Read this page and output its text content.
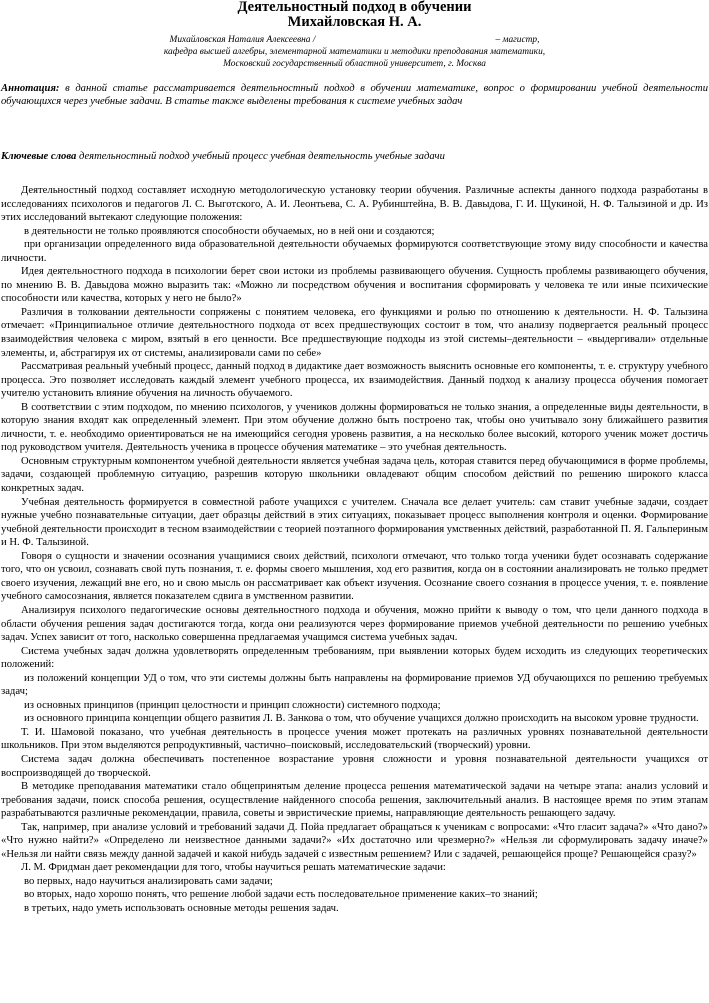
Деятельностный подход в обучении
Михайловская Н. А.
Михайловская Наталия Алексеевна /	– магистр,
кафедра высшей алгебры, элементарной математики и методики преподавания математики,
Московский государственный областной университет, г. Москва
Аннотация: в данной статье рассматривается деятельностный подход в обучении математике, вопрос о формировании учебной деятельности обучающихся через учебные задачи. В статье также выделены требования к системе учебных задач
Ключевые слова деятельностный подход учебный процесс учебная деятельность учебные задачи

Деятельностный подход составляет исходную методологическую установку теории обучения. Различные аспекты данного подхода разработаны в исследованиях психологов и педагогов Л. С. Выготского, А. И. Леонтьева, С. А. Рубинштейна, В. В. Давыдова, Г. И. Щукиной, Н. Ф. Талызиной и др. Из этих исследований вытекают следующие положения:

в деятельности не только проявляются способности обучаемых, но в ней они и создаются;

при организации определенного вида образовательной деятельности обучаемых формируются соответствующие этому виду способности и качества личности.

Идея деятельностного подхода в психологии берет свои истоки из проблемы развивающего обучения. Сущность проблемы развивающего обучения, по мнению В. В. Давыдова можно выразить так: «Можно ли посредством обучения и воспитания сформировать у человека те или иные психические способности или качества, которых у него не было?»

Различия в толковании деятельности сопряжены с понятием человека, его функциями и ролью по отношению к деятельности. Н. Ф. Талызина отмечает: «Принципиальное отличие деятельностного подхода от всех предшествующих состоит в том, что анализу подвергается реальный процесс взаимодействия человека с миром, взятый в его ценности. Все предшествующие подходы из этой системы–деятельности – «выдергивали» отдельные элементы, и, абстрагируя их от системы, анализировали сами по себе»

Рассматривая реальный учебный процесс, данный подход в дидактике дает возможность выяснить основные его компоненты, т. е. структуру учебного процесса. Это позволяет исследовать каждый элемент учебного процесса, их взаимодействия. Данный подход к анализу процесса обучения помогает учителю установить влияние обучения на личность обучаемого.

В соответствии с этим подходом, по мнению психологов, у учеников должны формироваться не только знания, а определенные виды деятельности, в которую знания входят как определенный элемент. При этом обучение должно быть построено так, чтобы оно учитывало зону ближайшего развития личности, т. е. необходимо ориентироваться не на имеющийся сегодня уровень развития, а на несколько более высокий, которого ученик может достичь под руководством учителя. Деятельность ученика в процессе обучения математике – это учебная деятельность.

Основным структурным компонентом учебной деятельности является учебная задача цель, которая ставится перед обучающимися в форме проблемы, задачи, создающей проблемную ситуацию, разрешив которую школьники овладевают общим способом действий по решению широкого класса конкретных задач.

Учебная деятельность формируется в совместной работе учащихся с учителем. Сначала все делает учитель: сам ставит учебные задачи, создает нужные учебно познавательные ситуации, дает образцы действий в этих ситуациях, показывает процесс выполнения контроля и оценки. Формирование учебной деятельности происходит в тесном взаимодействии с теорией поэтапного формирования умственных действий, разработанной П. Я. Гальпериным и Н. Ф. Талызиной.

Говоря о сущности и значении осознания учащимися своих действий, психологи отмечают, что только тогда ученики будет осознавать содержание того, что он усвоил, сознавать свой путь познания, т. е. формы своего мышления, ход его развития, когда он в состоянии анализировать не только предмет своего изучения, лежащий вне его, но и свою мысль он рассматривает как объект изучения. Осознание своего сознания в процессе учения, т. е. появление учебного самосознания, является показателем сдвига в умственном развитии.

Анализируя психолого педагогические основы деятельностного подхода и обучения, можно прийти к выводу о том, что цели данного подхода в области обучения решения задач достигаются тогда, когда они реализуются через формирование приемов учебной деятельности по решению учебных задач. Успех зависит от того, насколько совершенна предлагаемая учащимся система учебных задач.

Система учебных задач должна удовлетворять определенным требованиям, при выявлении которых будем исходить из следующих теоретических положений:

из положений концепции УД о том, что эти системы должны быть направлены на формирование приемов УД обучающихся по решению требуемых задач;

из основных принципов (принцип целостности и принцип сложности) системного подхода;

из основного принципа концепции общего развития Л. В. Занкова о том, что обучение учащихся должно происходить на высоком уровне трудности.

Т. И. Шамовой показано, что учебная деятельность в процессе учения может протекать на различных уровнях познавательной деятельности школьников. При этом выделяются репродуктивный, частично–поисковый, исследовательский (творческий) уровни.

Система задач должна обеспечивать постепенное возрастание уровня сложности и уровня познавательной деятельности учащихся от воспроизводящей до творческой.

В методике преподавания математики стало общепринятым деление процесса решения математической задачи на четыре этапа: анализ условий и требования задачи, поиск способа решения, осуществление найденного способа решения, заключительный анализ. В настоящее время по этим этапам разрабатываются различные рекомендации, правила, советы и эвристические приемы, направляющие деятельность решающего задачу.

Так, например, при анализе условий и требований задачи Д. Пойа предлагает обращаться к ученикам с вопросами: «Что гласит задача?» «Что дано?» «Что нужно найти?» «Определено ли неизвестное данными задачи?» «Их достаточно или чрезмерно?» «Нельзя ли сформулировать задачу иначе?» «Нельзя ли найти связь между данной задачей и какой нибудь задачей с известным решением? Или с задачей, решающейся проще? Решающейся сразу?»

Л. М. Фридман дает рекомендации для того, чтобы научиться решать математические задачи:

во первых, надо научиться анализировать сами задачи;

во вторых, надо хорошо понять, что решение любой задачи есть последовательное применение каких–то знаний;

в третьих, надо уметь использовать основные методы решения задач.
